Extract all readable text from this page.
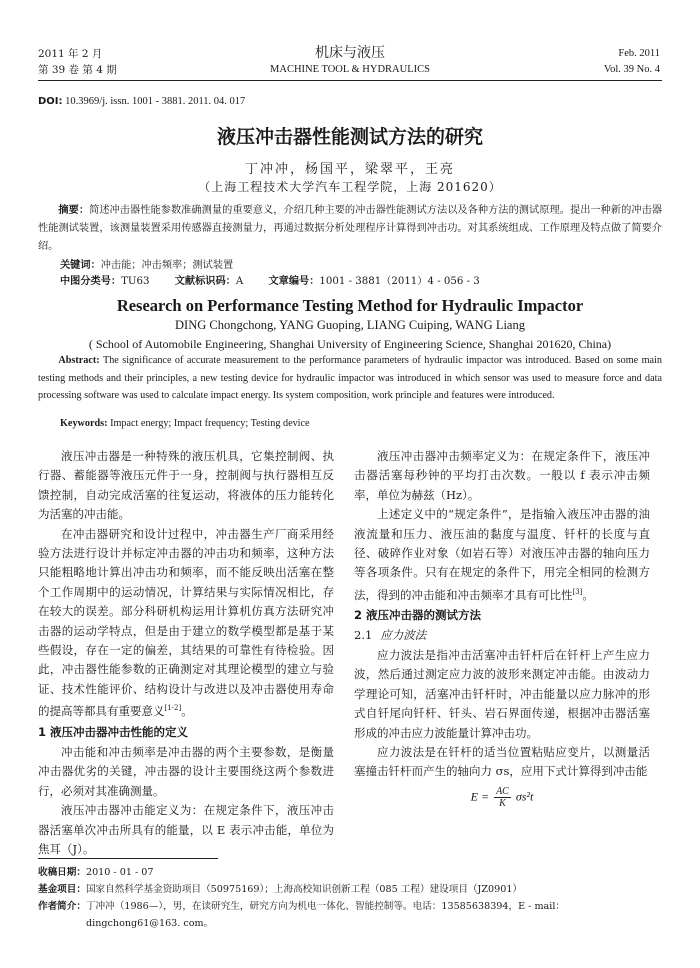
2011 年 2 月
第 39 卷 第 4 期
机床与液压
MACHINE TOOL & HYDRAULICS
Feb. 2011
Vol. 39 No. 4
DOI: 10.3969/j. issn. 1001 - 3881. 2011. 04. 017
液压冲击器性能测试方法的研究
丁冲冲，杨国平，梁翠平，王亮
（上海工程技术大学汽车工程学院，上海 201620）
摘要：简述冲击器性能参数准确测量的重要意义，介绍几种主要的冲击器性能测试方法以及各种方法的测试原理。提出一种新的冲击器性能测试装置，该测量装置采用传感器直接测量力，再通过数据分析处理程序计算得到冲击功。对其系统组成、工作原理及特点做了简要介绍。
关键词：冲击能；冲击频率；测试装置
中图分类号：TU63 文献标识码：A 文章编号：1001 - 3881（2011）4 - 056 - 3
Research on Performance Testing Method for Hydraulic Impactor
DING Chongchong, YANG Guoping, LIANG Cuiping, WANG Liang
( School of Automobile Engineering, Shanghai University of Engineering Science, Shanghai 201620, China)
Abstract: The significance of accurate measurement to the performance parameters of hydraulic impactor was introduced. Based on some main testing methods and their principles, a new testing device for hydraulic impactor was introduced in which sensor was used to measure force and data processing software was used to calculate impact energy. Its system composition, work principle and features were introduced.
Keywords: Impact energy; Impact frequency; Testing device

液压冲击器是一种特殊的液压机具，它集控制阀、执行器、蓄能器等液压元件于一身，控制阀与执行器相互反馈控制，自动完成活塞的往复运动，将液体的压力能转化为活塞的冲击能。

在冲击器研究和设计过程中，冲击器生产厂商采用经验方法进行设计并标定冲击器的冲击功和频率，这种方法只能粗略地计算出冲击功和频率，而不能反映出活塞在整个工作周期中的运动情况，计算结果与实际情况相比，存在较大的误差。部分科研机构运用计算机仿真方法研究冲击器的运动学特点，但是由于建立的数学模型都是基于某些假设，存在一定的偏差，其结果的可靠性有待检验。因此，冲击器性能参数的正确测定对其理论模型的建立与验证、技术性能评价、结构设计与改进以及冲击器使用寿命的提高等都具有重要意义[1-2]。

1 液压冲击器冲击性能的定义

冲击能和冲击频率是冲击器的两个主要参数，是衡量冲击器优劣的关键，冲击器的设计主要围绕这两个参数进行，必须对其准确测量。

液压冲击器冲击能定义为：在规定条件下，液压冲击器活塞单次冲击所具有的能量，以 E 表示冲击能，单位为焦耳（J）。

液压冲击器冲击频率定义为：在规定条件下，液压冲击器活塞每秒钟的平均打击次数。一般以 f 表示冲击频率，单位为赫兹（Hz）。

上述定义中的“规定条件”，是指输入液压冲击器的油液流量和压力、液压油的黏度与温度、钎杆的长度与直径、破碎作业对象（如岩石等）对液压冲击器的轴向压力等各项条件。只有在规定的条件下，用完全相同的检测方法，得到的冲击能和冲击频率才具有可比性[3]。

2 液压冲击器的测试方法

2.1 应力波法

应力波法是指冲击活塞冲击钎杆后在钎杆上产生应力波，然后通过测定应力波的波形来测定冲击能。由波动力学理论可知，活塞冲击钎杆时，冲击能量以应力脉冲的形式自钎尾向钎杆、钎头、岩石界面传递，根据冲击器活塞形成的冲击应力波能量计算冲击功。

应力波法是在钎杆的适当位置粘贴应变片，以测量活塞撞击钎杆而产生的轴向力 σs，应用下式计算得到冲击能

$E = \frac{AC}{K} \sigma s^2t$

收稿日期：2010 - 01 - 07
基金项目：国家自然科学基金资助项目（50975169）；上海高校知识创新工程（085 工程）建设项目（JZ0901）
作者简介：丁冲冲（1986—），男，在读研究生，研究方向为机电一体化、智能控制等。电话：13585638394，E - mail：
dingchong61@163. com。
